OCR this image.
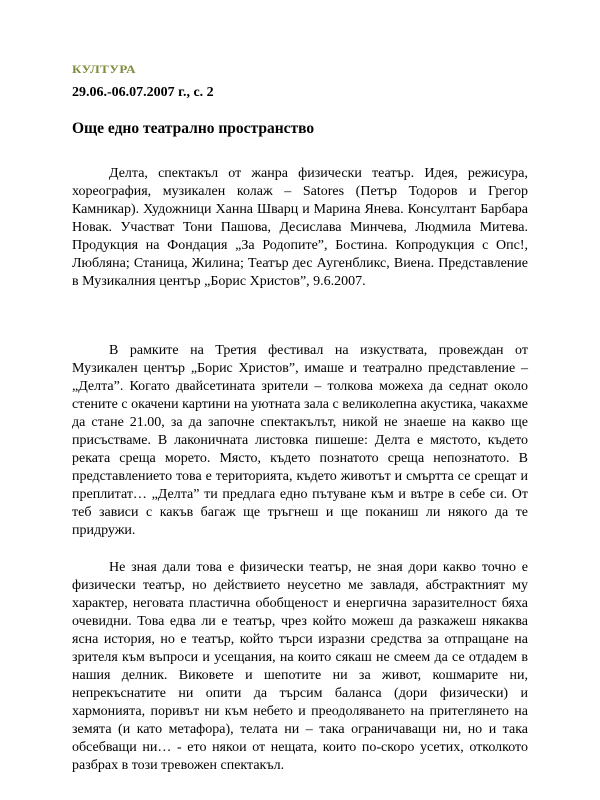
КУЛТУРА
29.06.-06.07.2007 г., с. 2
Още едно театрално пространство

Делта, спектакъл от жанра физически театър. Идея, режисура, хореография, музикален колаж – Satores (Петър Тодоров и Грегор Камникар). Художници Ханна Шварц и Марина Янева. Консултант Барбара Новак. Участват Тони Пашова, Десислава Минчева, Людмила Митева. Продукция на Фондация „За Родопите”, Бостина. Копродукция с Опс!, Любляна; Станица, Жилина; Театър дес Аугенбликс, Виена. Представление в Музикалния център „Борис Христов”, 9.6.2007.

В рамките на Третия фестивал на изкуствата, провеждан от Музикален център „Борис Христов”, имаше и театрално представление – „Делта”. Когато двайсетината зрители – толкова можеха да седнат около стените с окачени картини на уютната зала с великолепна акустика, чакахме да стане 21.00, за да започне спектакълът, никой не знаеше на какво ще присъстваме. В лаконичната листовка пишеше: Делта е мястото, където реката среща морето. Място, където познатото среща непознатото. В представлението това е територията, където животът и смъртта се срещат и преплитат… „Делта” ти предлага едно пътуване към и вътре в себе си. От теб зависи с какъв багаж ще тръгнеш и ще поканиш ли някого да те придружи.

Не зная дали това е физически театър, не зная дори какво точно е физически театър, но действието неусетно ме завладя, абстрактният му характер, неговата пластична обобщеност и енергична заразителност бяха очевидни. Това едва ли е театър, чрез който можеш да разкажеш някаква ясна история, но е театър, който търси изразни средства за отпращане на зрителя към въпроси и усещания, на които сякаш не смеем да се отдадем в нашия делник. Виковете и шепотите ни за живот, кошмарите ни, непрекъснатите ни опити да търсим баланса (дори физически) и хармонията, поривът ни към небето и преодоляването на притеглянето на земята (и като метафора), телата ни – така ограничаващи ни, но и така обсебващи ни… - ето някои от нещата, които по-скоро усетих, отколкото разбрах в този тревожен спектакъл.
